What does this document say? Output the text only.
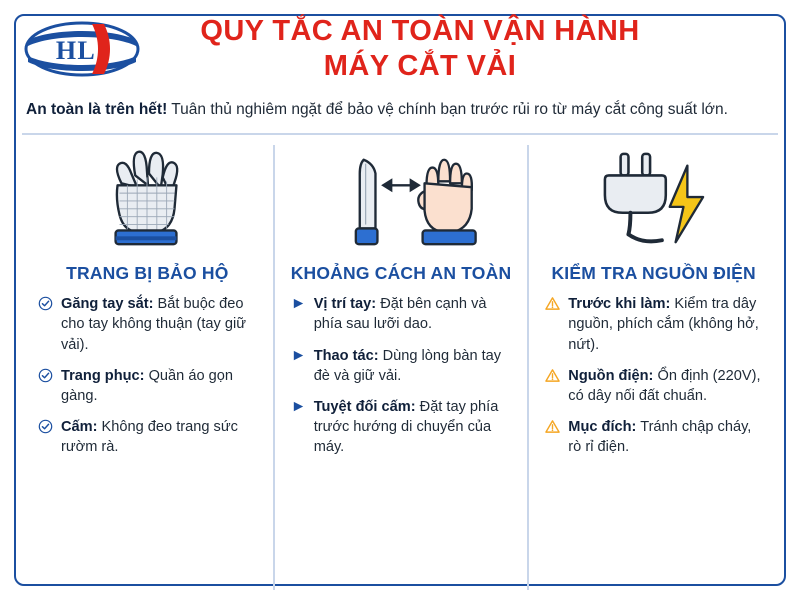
H L
QUY TẮC AN TOÀN VẬN HÀNH
MÁY CẮT VẢI
An toàn là trên hết! Tuân thủ nghiêm ngặt để bảo vệ chính bạn trước rủi ro từ máy cắt công suất lớn.
TRANG BỊ BẢO HỘ
Găng tay sắt: Bắt buộc đeo cho tay không thuận (tay giữ vải).
Trang phục: Quần áo gọn gàng.
Cấm: Không đeo trang sức rườm rà.
KHOẢNG CÁCH AN TOÀN
Vị trí tay: Đặt bên cạnh và phía sau lưỡi dao.
Thao tác: Dùng lòng bàn tay đè và giữ vải.
Tuyệt đối cấm: Đặt tay phía trước hướng di chuyển của máy.
KIỂM TRA NGUỒN ĐIỆN
Trước khi làm: Kiểm tra dây nguồn, phích cắm (không hở, nứt).
Nguồn điện: Ổn định (220V), có dây nối đất chuẩn.
Mục đích: Tránh chập cháy, rò rỉ điện.
